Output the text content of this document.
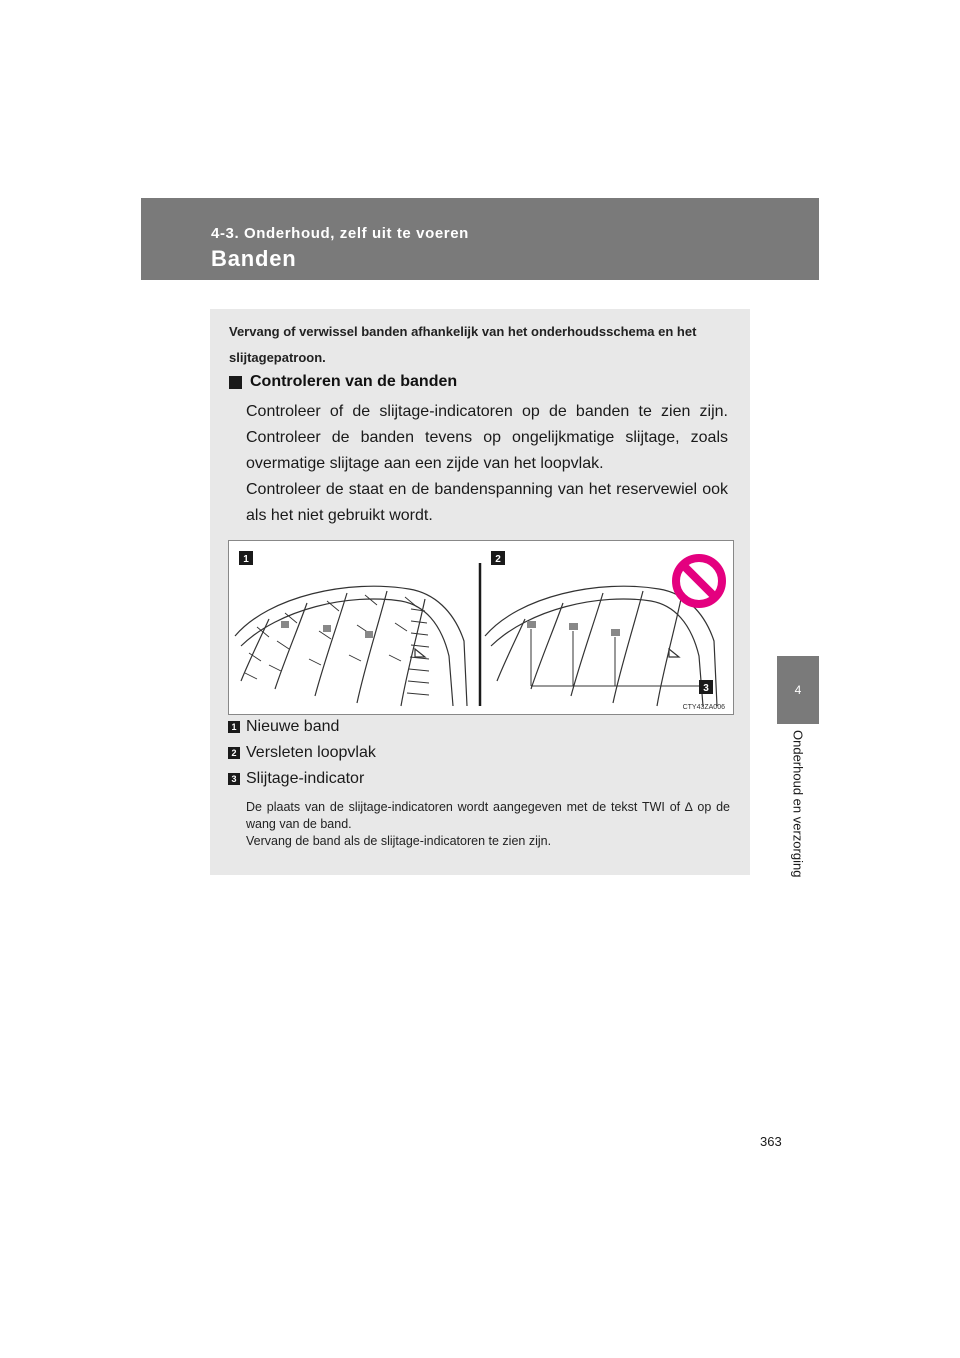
4-3. Onderhoud, zelf uit te voeren
Banden
4
Onderhoud en verzorging
Vervang of verwissel banden afhankelijk van het onderhoudsschema en het slijtagepatroon.
Controleren van de banden
Controleer of de slijtage-indicatoren op de banden te zien zijn. Controleer de banden tevens op ongelijkmatige slijtage, zoals overmatige slijtage aan een zijde van het loopvlak.
Controleer de staat en de bandenspanning van het reservewiel ook als het niet gebruikt wordt.
1	2
3
CTY43ZA006
1 Nieuwe band
2 Versleten loopvlak
3 Slijtage-indicator
De plaats van de slijtage-indicatoren wordt aangegeven met de tekst TWI of ∆ op de wang van de band.
Vervang de band als de slijtage-indicatoren te zien zijn.
363
